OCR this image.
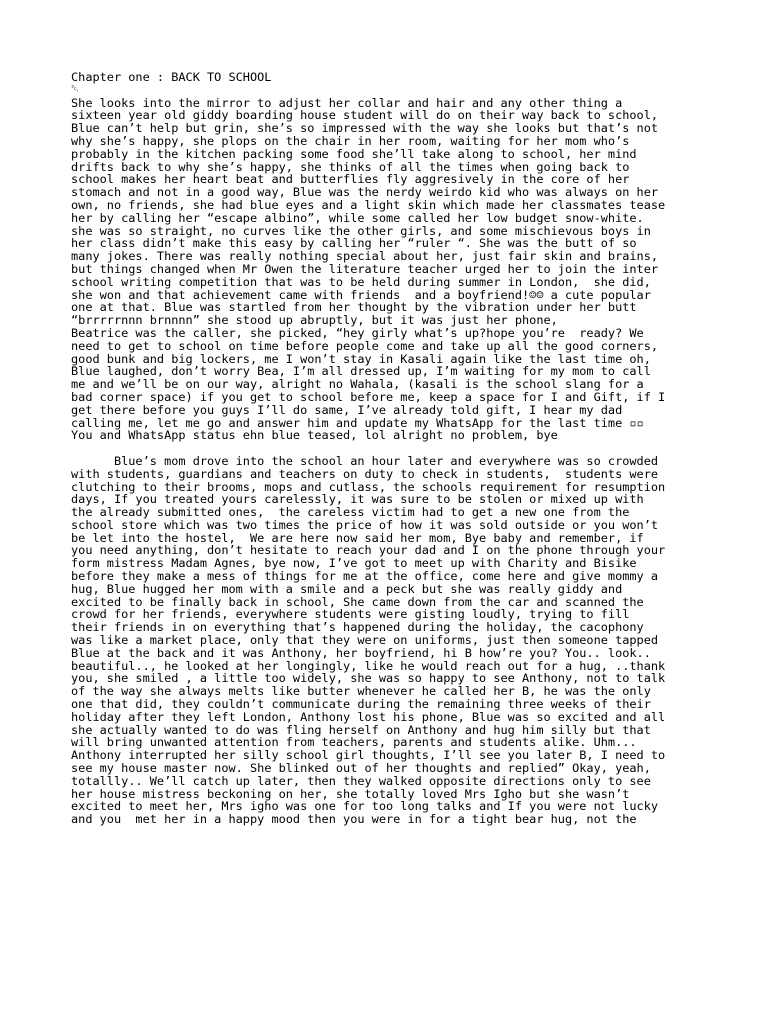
Chapter one : BACK TO SCHOOL
␑
She looks into the mirror to adjust her collar and hair and any other thing a
sixteen year old giddy boarding house student will do on their way back to school,
Blue can’t help but grin, she’s so impressed with the way she looks but that’s not
why she’s happy, she plops on the chair in her room, waiting for her mom who’s
probably in the kitchen packing some food she’ll take along to school, her mind
drifts back to why she’s happy, she thinks of all the times when going back to
school makes her heart beat and butterflies fly aggresively in the core of her
stomach and not in a good way, Blue was the nerdy weirdo kid who was always on her
own, no friends, she had blue eyes and a light skin which made her classmates tease
her by calling her “escape albino”, while some called her low budget snow-white.
she was so straight, no curves like the other girls, and some mischievous boys in
her class didn’t make this easy by calling her “ruler “. She was the butt of so
many jokes. There was really nothing special about her, just fair skin and brains,
but things changed when Mr Owen the literature teacher urged her to join the inter
school writing competition that was to be held during summer in London,  she did,
she won and that achievement came with friends  and a boyfriend!☺☺ a cute popular
one at that. Blue was startled from her thought by the vibration under her butt
“brrrrrnnn brnnnn” she stood up abruptly, but it was just her phone,
Beatrice was the caller, she picked, “hey girly what’s up?hope you’re  ready? We
need to get to school on time before people come and take up all the good corners,
good bunk and big lockers, me I won’t stay in Kasali again like the last time oh,
Blue laughed, don’t worry Bea, I’m all dressed up, I’m waiting for my mom to call
me and we’ll be on our way, alright no Wahala, (kasali is the school slang for a
bad corner space) if you get to school before me, keep a space for I and Gift, if I
get there before you guys I’ll do same, I’ve already told gift, I hear my dad
calling me, let me go and answer him and update my WhatsApp for the last time ▫▫
You and WhatsApp status ehn blue teased, lol alright no problem, bye
Blue’s mom drove into the school an hour later and everywhere was so crowded
with students, guardians and teachers on duty to check in students,  students were
clutching to their brooms, mops and cutlass, the schools requirement for resumption
days, If you treated yours carelessly, it was sure to be stolen or mixed up with
the already submitted ones,  the careless victim had to get a new one from the
school store which was two times the price of how it was sold outside or you won’t
be let into the hostel,  We are here now said her mom, Bye baby and remember, if
you need anything, don’t hesitate to reach your dad and I on the phone through your
form mistress Madam Agnes, bye now, I’ve got to meet up with Charity and Bisike
before they make a mess of things for me at the office, come here and give mommy a
hug, Blue hugged her mom with a smile and a peck but she was really giddy and
excited to be finally back in school, She came down from the car and scanned the
crowd for her friends, everywhere students were gisting loudly, trying to fill
their friends in on everything that’s happened during the holiday, the cacophony
was like a market place, only that they were on uniforms, just then someone tapped
Blue at the back and it was Anthony, her boyfriend, hi B how’re you? You.. look..
beautiful.., he looked at her longingly, like he would reach out for a hug, ..thank
you, she smiled , a little too widely, she was so happy to see Anthony, not to talk
of the way she always melts like butter whenever he called her B, he was the only
one that did, they couldn’t communicate during the remaining three weeks of their
holiday after they left London, Anthony lost his phone, Blue was so excited and all
she actually wanted to do was fling herself on Anthony and hug him silly but that
will bring unwanted attention from teachers, parents and students alike. Uhm...
Anthony interrupted her silly school girl thoughts, I’ll see you later B, I need to
see my house master now. She blinked out of her thoughts and replied” Okay, yeah,
totallly.. We’ll catch up later, then they walked opposite directions only to see
her house mistress beckoning on her, she totally loved Mrs Igho but she wasn’t
excited to meet her, Mrs igho was one for too long talks and If you were not lucky
and you  met her in a happy mood then you were in for a tight bear hug, not the
